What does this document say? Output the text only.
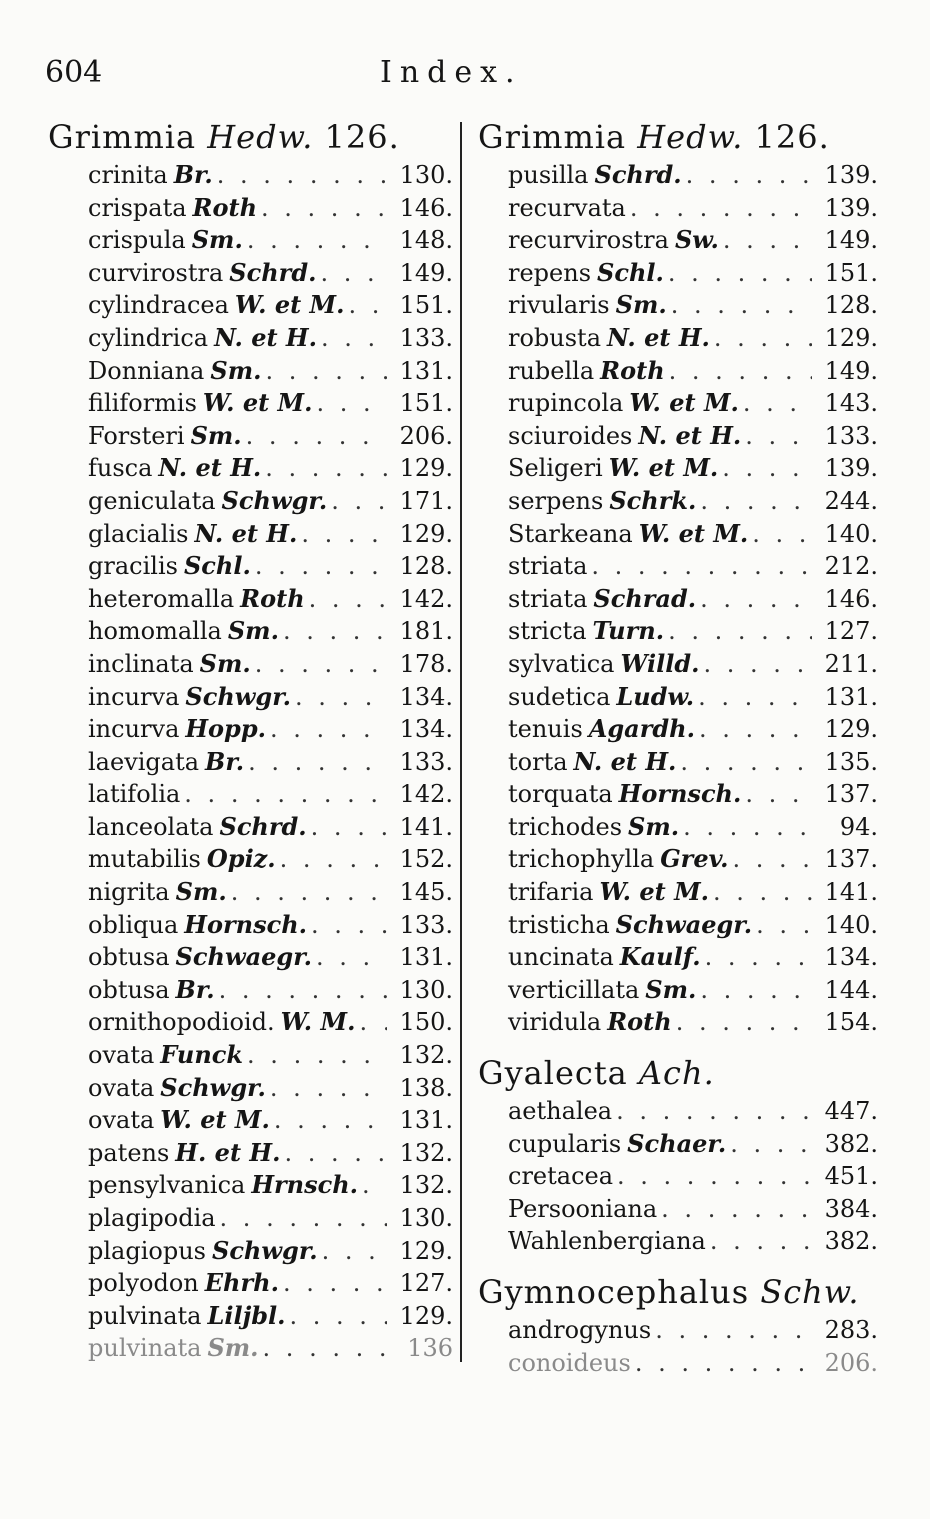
604	Index.
Grimmia Hedw. 126.
crinita Br. . . .	130.
crispata Roth . . .	146.
crispula Sm. . . .	148.
curvirostra Schrd. . . .	149.
cylindracea W. et M. . . .	151.
cylindrica N. et H. . . .	133.
Donniana Sm. . . .	131.
filiformis W. et M. . . .	151.
Forsteri Sm. . . .	206.
fusca N. et H. . . .	129.
geniculata Schwgr. . . .	171.
glacialis N. et H. . . .	129.
gracilis Schl. . . .	128.
heteromalla Roth . . .	142.
homomalla Sm. . . .	181.
inclinata Sm. . . .	178.
incurva Schwgr. . . .	134.
incurva Hopp. . . .	134.
laevigata Br. . . .	133.
latifolia . . .	142.
lanceolata Schrd. . . .	141.
mutabilis Opiz. . . .	152.
nigrita Sm. . . .	145.
obliqua Hornsch. . . .	133.
obtusa Schwaegr. . . .	131.
obtusa Br. . . .	130.
ornithopodioid. W. M. . . .	150.
ovata Funck . . .	132.
ovata Schwgr. . . .	138.
ovata W. et M. . . .	131.
patens H. et H. . . .	132.
pensylvanica Hrnsch. . . .	132.
plagipodia . . .	130.
plagiopus Schwgr. . . .	129.
polyodon Ehrh. . . .	127.
pulvinata Liljbl. . . .	129.
pulvinata Sm. . . .	136
Grimmia Hedw. 126.
pusilla Schrd. . . .	139.
recurvata . . .	139.
recurvirostra Sw. . . .	149.
repens Schl. . . .	151.
rivularis Sm. . . .	128.
robusta N. et H. . . .	129.
rubella Roth . . .	149.
rupincola W. et M. . . .	143.
sciuroides N. et H. . . .	133.
Seligeri W. et M. . . .	139.
serpens Schrk. . . .	244.
Starkeana W. et M. . . .	140.
striata . . .	212.
striata Schrad. . . .	146.
stricta Turn. . . .	127.
sylvatica Willd. . . .	211.
sudetica Ludw. . . .	131.
tenuis Agardh. . . .	129.
torta N. et H. . . .	135.
torquata Hornsch. . . .	137.
trichodes Sm. . . .	94.
trichophylla Grev. . . .	137.
trifaria W. et M. . . .	141.
tristicha Schwaegr. . . .	140.
uncinata Kaulf. . . .	134.
verticillata Sm. . . .	144.
viridula Roth . . .	154.
Gyalecta Ach.
aethalea . . .	447.
cupularis Schaer. . . .	382.
cretacea . . .	451.
Persooniana . . .	384.
Wahlenbergiana . . .	382.
Gymnocephalus Schw.
androgynus . . .	283.
conoideus . . .	206.
